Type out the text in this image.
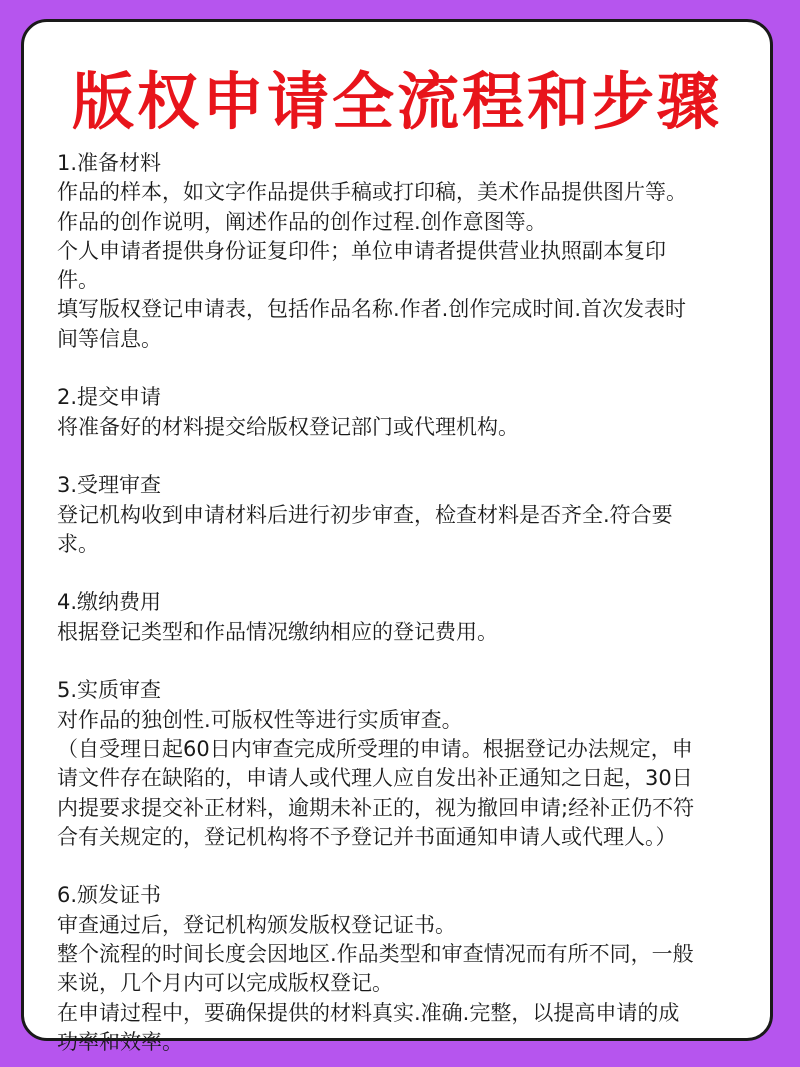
版权申请全流程和步骤
1.准备材料
作品的样本，如文字作品提供手稿或打印稿，美术作品提供图片等。
作品的创作说明，阐述作品的创作过程.创作意图等。
个人申请者提供身份证复印件；单位申请者提供营业执照副本复印
件。
填写版权登记申请表，包括作品名称.作者.创作完成时间.首次发表时
间等信息。
2.提交申请
将准备好的材料提交给版权登记部门或代理机构。
3.受理审查
登记机构收到申请材料后进行初步审查，检查材料是否齐全.符合要
求。
4.缴纳费用
根据登记类型和作品情况缴纳相应的登记费用。
5.实质审查
对作品的独创性.可版权性等进行实质审查。
（自受理日起60日内审查完成所受理的申请。根据登记办法规定，申
请文件存在缺陷的，申请人或代理人应自发出补正通知之日起，30日
内提要求提交补正材料，逾期未补正的，视为撤回申请;经补正仍不符
合有关规定的，登记机构将不予登记并书面通知申请人或代理人。）
6.颁发证书
审查通过后，登记机构颁发版权登记证书。
整个流程的时间长度会因地区.作品类型和审查情况而有所不同，一般
来说，几个月内可以完成版权登记。
在申请过程中，要确保提供的材料真实.准确.完整，以提高申请的成
功率和效率。
